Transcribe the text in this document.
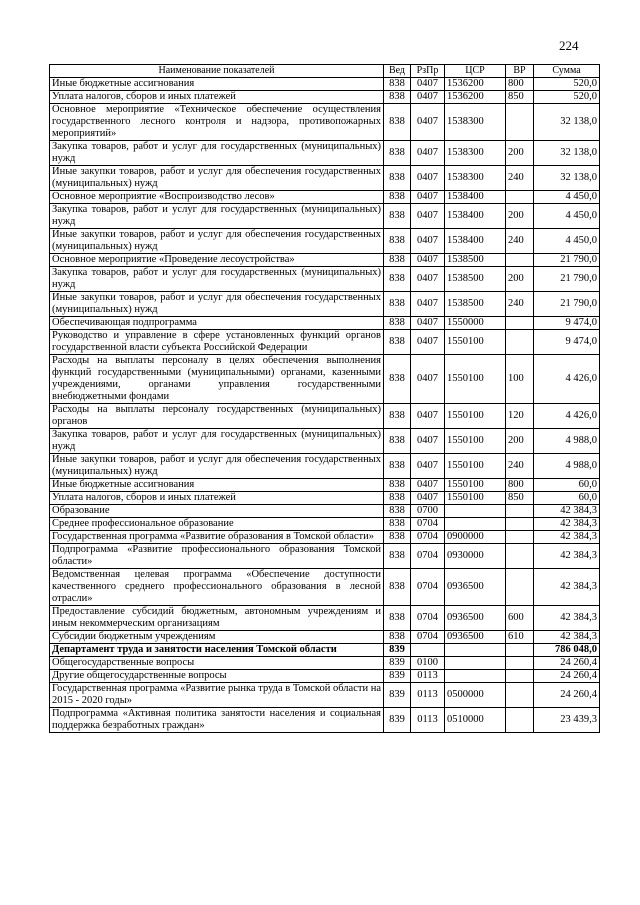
224
Наименование показателей	Вед	РзПр	ЦСР	ВР	Сумма
Иные бюджетные ассигнования	838	0407	1536200	800	520,0
Уплата налогов, сборов и иных платежей	838	0407	1536200	850	520,0
Основное мероприятие «Техническое обеспечение осуществления государственного лесного контроля и надзора, противопожарных мероприятий»	838	0407	1538300		32 138,0
Закупка товаров, работ и услуг для государственных (муниципальных) нужд	838	0407	1538300	200	32 138,0
Иные закупки товаров, работ и услуг для обеспечения государственных (муниципальных) нужд	838	0407	1538300	240	32 138,0
Основное мероприятие «Воспроизводство лесов»	838	0407	1538400		4 450,0
Закупка товаров, работ и услуг для государственных (муниципальных) нужд	838	0407	1538400	200	4 450,0
Иные закупки товаров, работ и услуг для обеспечения государственных (муниципальных) нужд	838	0407	1538400	240	4 450,0
Основное мероприятие «Проведение лесоустройства»	838	0407	1538500		21 790,0
Закупка товаров, работ и услуг для государственных (муниципальных) нужд	838	0407	1538500	200	21 790,0
Иные закупки товаров, работ и услуг для обеспечения государственных (муниципальных) нужд	838	0407	1538500	240	21 790,0
Обеспечивающая подпрограмма	838	0407	1550000		9 474,0
Руководство и управление в сфере установленных функций органов государственной власти субъекта Российской Федерации	838	0407	1550100		9 474,0
Расходы на выплаты персоналу в целях обеспечения выполнения функций государственными (муниципальными) органами, казенными учреждениями, органами управления государственными внебюджетными фондами	838	0407	1550100	100	4 426,0
Расходы на выплаты персоналу государственных (муниципальных) органов	838	0407	1550100	120	4 426,0
Закупка товаров, работ и услуг для государственных (муниципальных) нужд	838	0407	1550100	200	4 988,0
Иные закупки товаров, работ и услуг для обеспечения государственных (муниципальных) нужд	838	0407	1550100	240	4 988,0
Иные бюджетные ассигнования	838	0407	1550100	800	60,0
Уплата налогов, сборов и иных платежей	838	0407	1550100	850	60,0
Образование	838	0700			42 384,3
Среднее профессиональное образование	838	0704			42 384,3
Государственная программа «Развитие образования в Томской области»	838	0704	0900000		42 384,3
Подпрограмма «Развитие профессионального образования Томской области»	838	0704	0930000		42 384,3
Ведомственная целевая программа «Обеспечение доступности качественного среднего профессионального образования в лесной отрасли»	838	0704	0936500		42 384,3
Предоставление субсидий бюджетным, автономным учреждениям и иным некоммерческим организациям	838	0704	0936500	600	42 384,3
Субсидии бюджетным учреждениям	838	0704	0936500	610	42 384,3
Департамент труда и занятости населения Томской области	839				786 048,0
Общегосударственные вопросы	839	0100			24 260,4
Другие общегосударственные вопросы	839	0113			24 260,4
Государственная программа «Развитие рынка труда в Томской области на 2015 - 2020 годы»	839	0113	0500000		24 260,4
Подпрограмма «Активная политика занятости населения и социальная поддержка безработных граждан»	839	0113	0510000		23 439,3
